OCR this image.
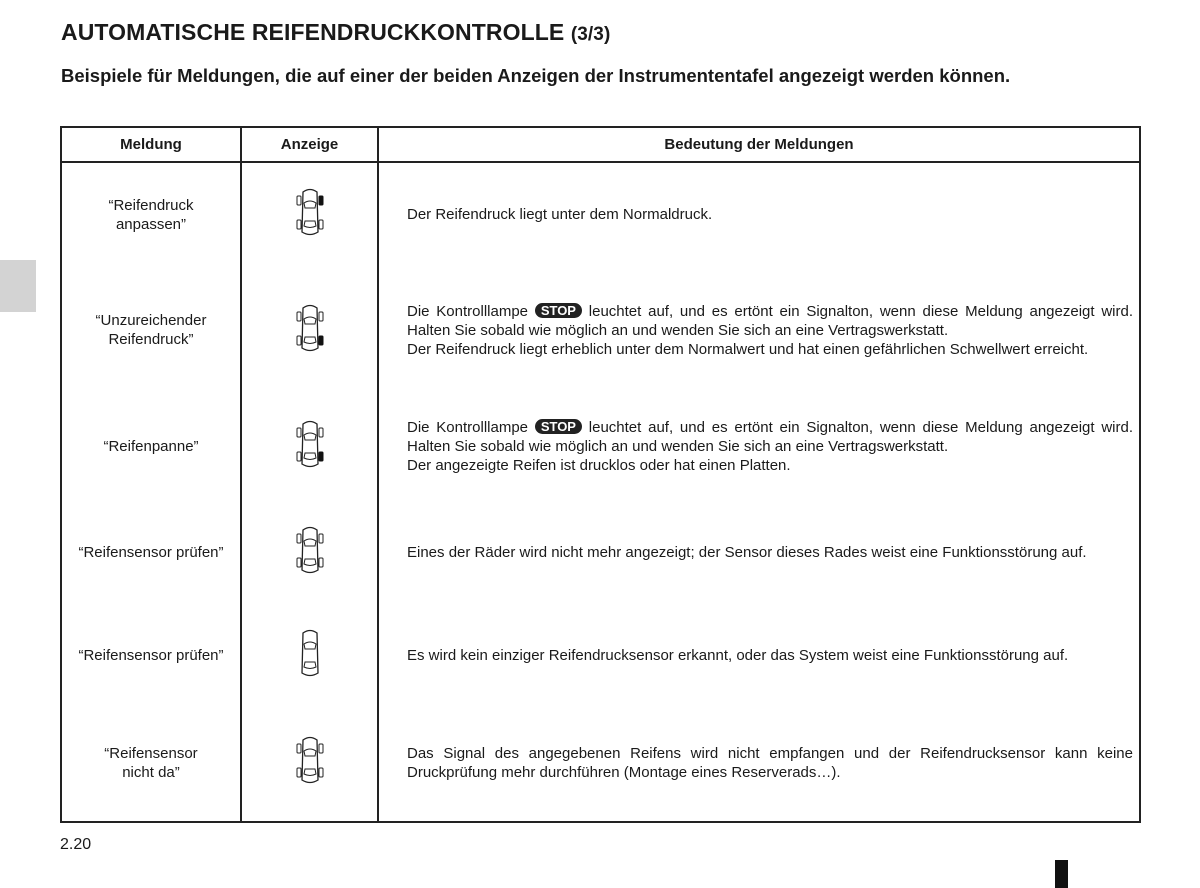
AUTOMATISCHE REIFENDRUCKKONTROLLE (3/3)

Beispiele für Meldungen, die auf einer der beiden Anzeigen der Instrumententafel angezeigt werden können.

Meldung	Anzeige	Bedeutung der Meldungen

“Reifendruck anpassen”		Der Reifendruck liegt unter dem Normaldruck.

“Unzureichender Reifendruck”		Die Kontrolllampe STOP leuchtet auf, und es ertönt ein Signalton, wenn diese Meldung angezeigt wird. Halten Sie sobald wie möglich an und wenden Sie sich an eine Vertragswerkstatt.
Der Reifendruck liegt erheblich unter dem Normalwert und hat einen gefährlichen Schwellwert erreicht.

“Reifenpanne”		Die Kontrolllampe STOP leuchtet auf, und es ertönt ein Signalton, wenn diese Meldung angezeigt wird. Halten Sie sobald wie möglich an und wenden Sie sich an eine Vertragswerkstatt.
Der angezeigte Reifen ist drucklos oder hat einen Platten.

“Reifensensor prüfen”		Eines der Räder wird nicht mehr angezeigt; der Sensor dieses Rades weist eine Funktionsstörung auf.

“Reifensensor prüfen”		Es wird kein einziger Reifendrucksensor erkannt, oder das System weist eine Funktionsstörung auf.

“Reifensensor nicht da”		Das Signal des angegebenen Reifens wird nicht empfangen und der Reifendrucksensor kann keine Druckprüfung mehr durchführen (Montage eines Reserverads…).
2.20
